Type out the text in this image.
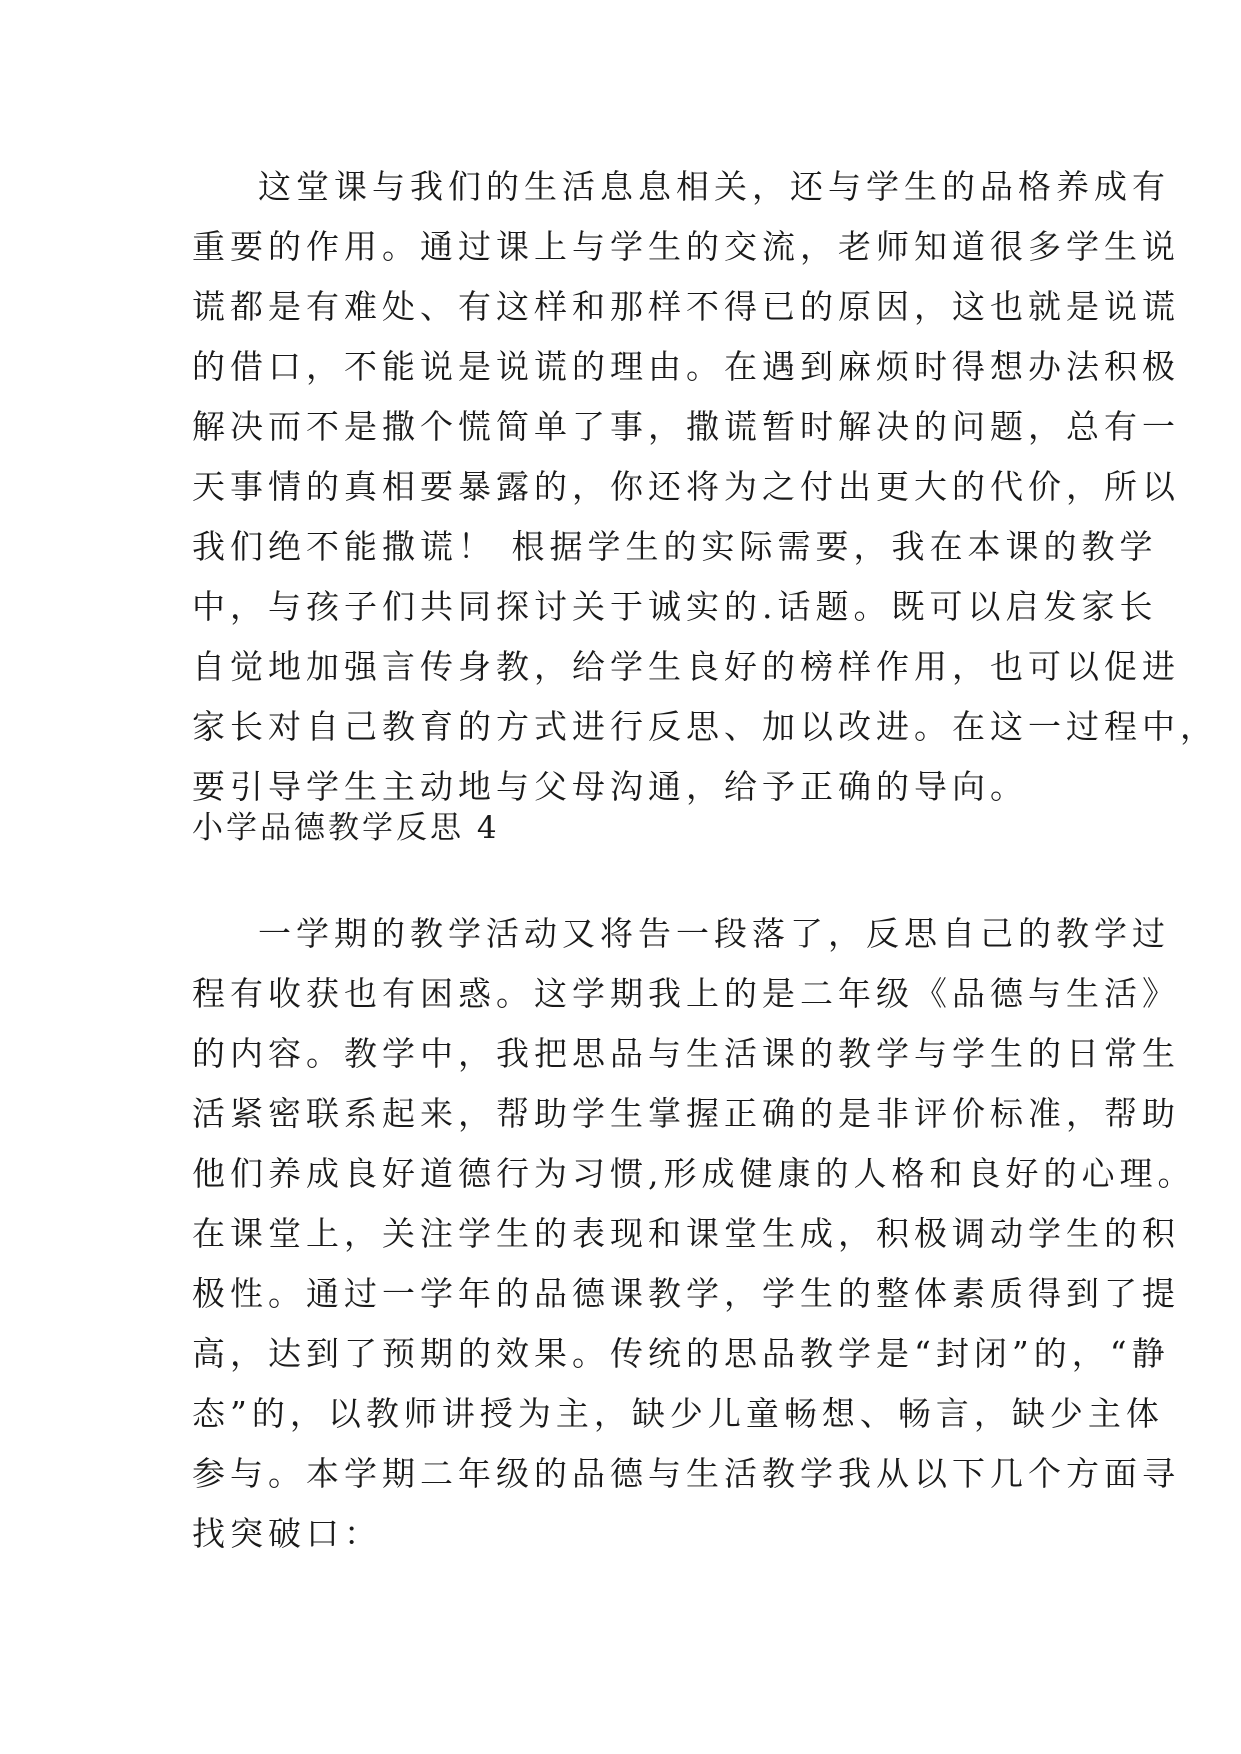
这堂课与我们的生活息息相关，还与学生的品格养成有
重要的作用。通过课上与学生的交流，老师知道很多学生说
谎都是有难处、有这样和那样不得已的原因，这也就是说谎
的借口，不能说是说谎的理由。在遇到麻烦时得想办法积极
解决而不是撒个慌简单了事，撒谎暂时解决的问题，总有一
天事情的真相要暴露的，你还将为之付出更大的代价，所以
我们绝不能撒谎！ 根据学生的实际需要，我在本课的教学
中，与孩子们共同探讨关于诚实的.话题。既可以启发家长
自觉地加强言传身教，给学生良好的榜样作用，也可以促进
家长对自己教育的方式进行反思、加以改进。在这一过程中，
要引导学生主动地与父母沟通，给予正确的导向。
小学品德教学反思 4
一学期的教学活动又将告一段落了，反思自己的教学过
程有收获也有困惑。这学期我上的是二年级《品德与生活》
的内容。教学中，我把思品与生活课的教学与学生的日常生
活紧密联系起来，帮助学生掌握正确的是非评价标准，帮助
他们养成良好道德行为习惯,形成健康的人格和良好的心理。
在课堂上，关注学生的表现和课堂生成，积极调动学生的积
极性。通过一学年的品德课教学，学生的整体素质得到了提
高，达到了预期的效果。传统的思品教学是“封闭”的，“静
态”的，以教师讲授为主，缺少儿童畅想、畅言，缺少主体
参与。本学期二年级的品德与生活教学我从以下几个方面寻
找突破口：
